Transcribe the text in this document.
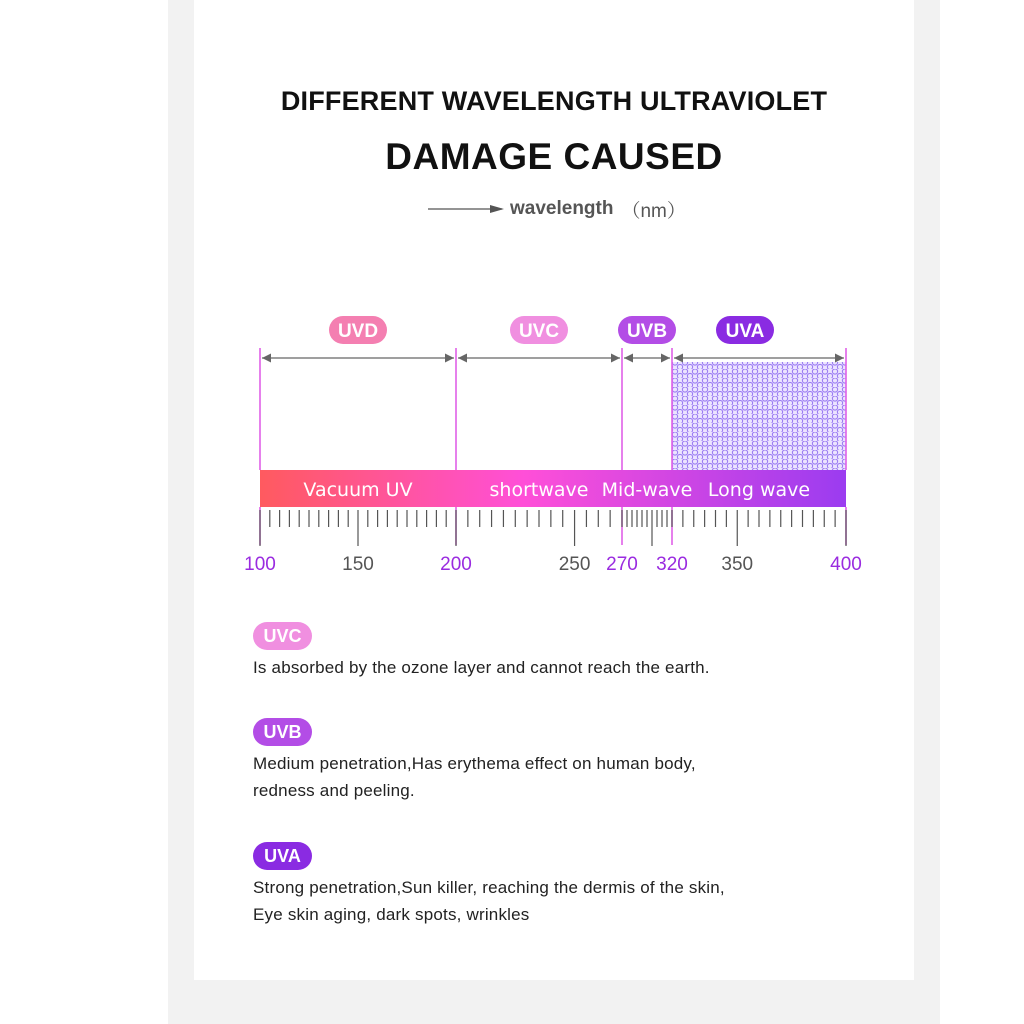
DIFFERENT WAVELENGTH ULTRAVIOLET
DAMAGE CAUSED
wavelength （nm）
UVD	UVC	UVB	UVA
Vacuum UV	shortwave Mid-wave Long wave
100	150	200	250 270 320 350	400
UVC
Is absorbed by the ozone layer and cannot reach the earth.
UVB
Medium penetration,Has erythema effect on human body,
redness and peeling.
UVA
Strong penetration,Sun killer, reaching the dermis of the skin,
Eye skin aging, dark spots, wrinkles
